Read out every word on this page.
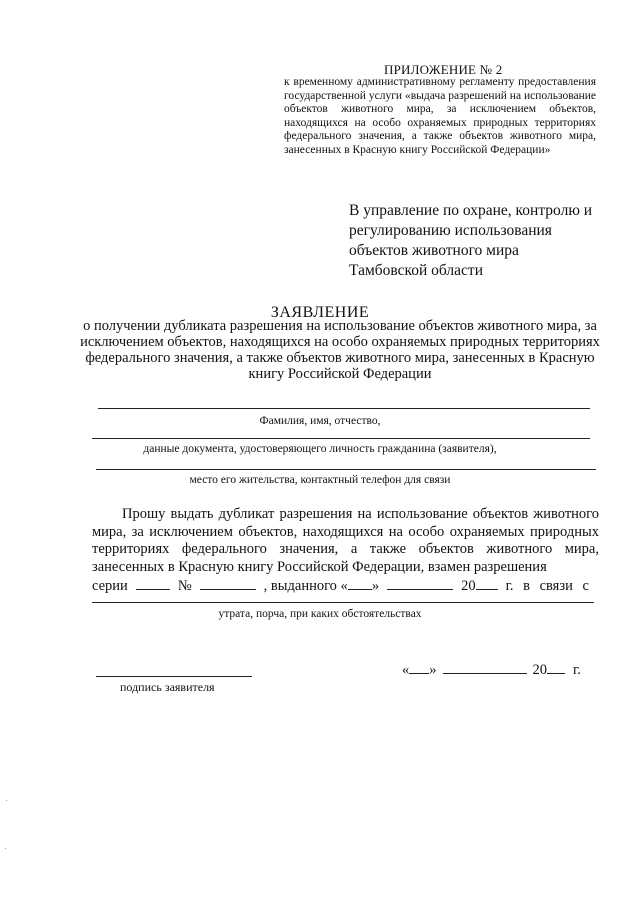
ПРИЛОЖЕНИЕ № 2
к временному административному регламенту предоставления государственной услуги «выдача разрешений на использование объектов животного мира, за исключением объектов, находящихся на особо охраняемых природных территориях федерального значения, а также объектов животного мира, занесенных в Красную книгу Российской Федерации»
В управление по охране, контролю и
регулированию использования
объектов животного мира
Тамбовской области
ЗАЯВЛЕНИЕ
о получении дубликата разрешения на использование объектов животного мира, за исключением объектов, находящихся на особо охраняемых природных территориях федерального значения, а также объектов животного мира, занесенных в Красную книгу Российской Федерации
Фамилия, имя, отчество,
данные документа, удостоверяющего личность гражданина (заявителя),
место его жительства, контактный телефон для связи

Прошу выдать дубликат разрешения на использование объектов животного мира, за исключением объектов, находящихся на особо охраняемых природных территориях федерального значения, а также объектов животного мира, занесенных в Красную книгу Российской Федерации, взамен разрешения

серии	№	, выданного « »	20 г. в связи с
утрата, порча, при каких обстоятельствах
подпись заявителя
« »	20 г.
